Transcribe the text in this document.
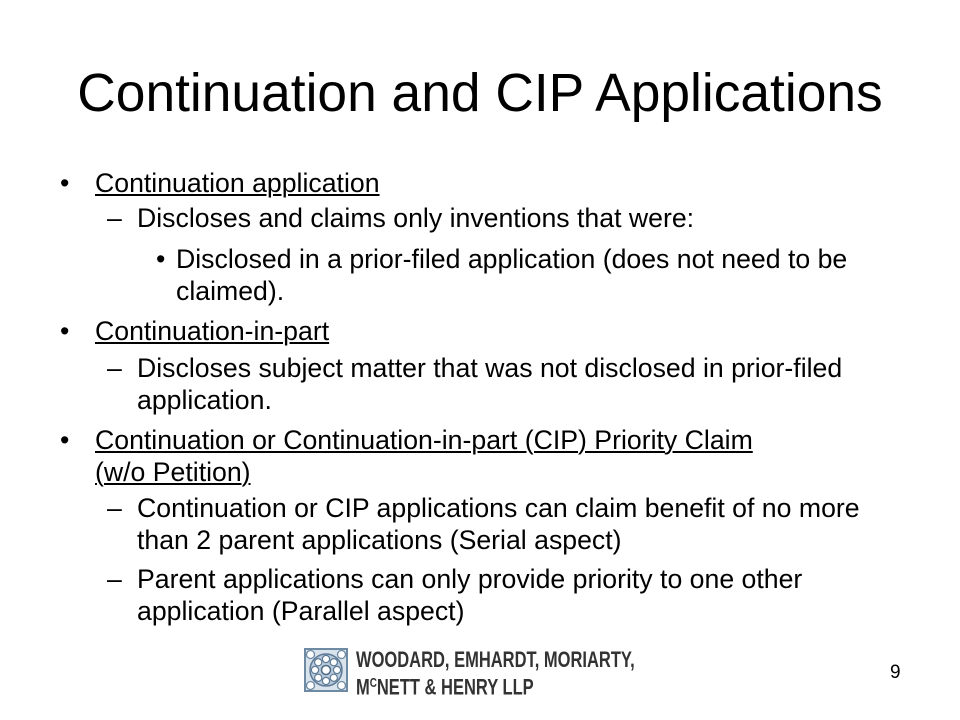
Continuation and CIP Applications
• Continuation application
– Discloses and claims only inventions that were:
• Disclosed in a prior-filed application (does not need to be
claimed).
• Continuation-in-part
– Discloses subject matter that was not disclosed in prior-filed
application.
• Continuation or Continuation-in-part (CIP) Priority Claim
(w/o Petition)
– Continuation or CIP applications can claim benefit of no more
than 2 parent applications (Serial aspect)
– Parent applications can only provide priority to one other
application (Parallel aspect)
WOODARD, EMHARDT, MORIARTY,
$M^CNETT$ & HENRY LLP
9
